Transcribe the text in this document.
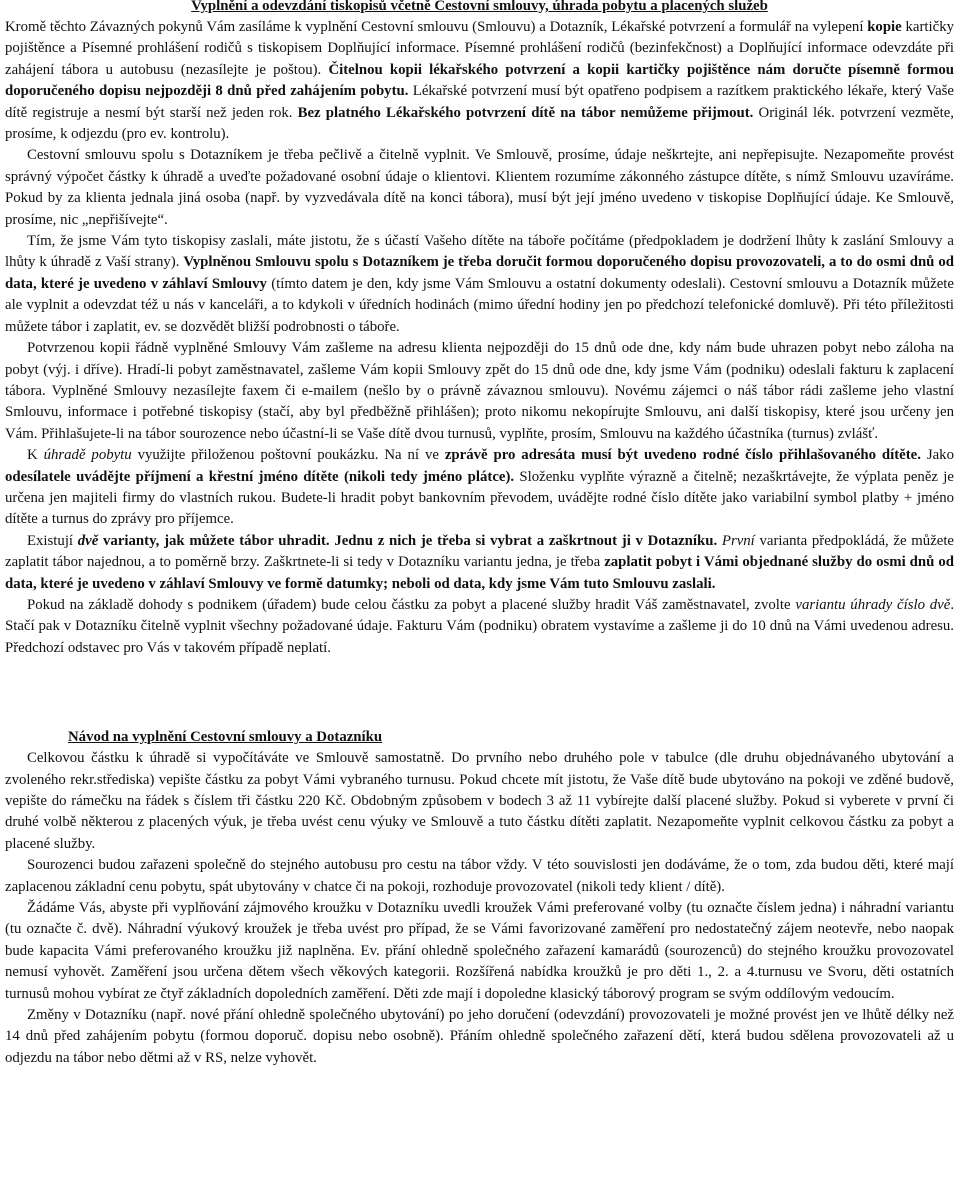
Vyplnění a odevzdání tiskopisů včetně Cestovní smlouvy, úhrada pobytu a placených služeb

Kromě těchto Závazných pokynů Vám zasíláme k vyplnění Cestovní smlouvu (Smlouvu) a Dotazník, Lékařské potvrzení a formulář na vylepení kopie kartičky pojištěnce a Písemné prohlášení rodičů s tiskopisem Doplňující informace. Písemné prohlášení rodičů (bezinfekčnost) a Doplňující informace odevzdáte při zahájení tábora u autobusu (nezasílejte je poštou). Čitelnou kopii lékařského potvrzení a kopii kartičky pojištěnce nám doručte písemně formou doporučeného dopisu nejpozději 8 dnů před zahájením pobytu. Lékařské potvrzení musí být opatřeno podpisem a razítkem praktického lékaře, který Vaše dítě registruje a nesmí být starší než jeden rok. Bez platného Lékařského potvrzení dítě na tábor nemůžeme přijmout. Originál lék. potvrzení vezměte, prosíme, k odjezdu (pro ev. kontrolu).

Cestovní smlouvu spolu s Dotazníkem je třeba pečlivě a čitelně vyplnit. Ve Smlouvě, prosíme, údaje neškrtejte, ani nepřepisujte. Nezapomeňte provést správný výpočet částky k úhradě a uveďte požadované osobní údaje o klientovi. Klientem rozumíme zákonného zástupce dítěte, s nímž Smlouvu uzavíráme. Pokud by za klienta jednala jiná osoba (např. by vyzvedávala dítě na konci tábora), musí být její jméno uvedeno v tiskopise Doplňující údaje. Ke Smlouvě, prosíme, nic „nepřišívejte“.

Tím, že jsme Vám tyto tiskopisy zaslali, máte jistotu, že s účastí Vašeho dítěte na táboře počítáme (předpokladem je dodržení lhůty k zaslání Smlouvy a lhůty k úhradě z Vaší strany). Vyplněnou Smlouvu spolu s Dotazníkem je třeba doručit formou doporučeného dopisu provozovateli, a to do osmi dnů od data, které je uvedeno v záhlaví Smlouvy (tímto datem je den, kdy jsme Vám Smlouvu a ostatní dokumenty odeslali). Cestovní smlouvu a Dotazník můžete ale vyplnit a odevzdat též u nás v kanceláři, a to kdykoli v úředních hodinách (mimo úřední hodiny jen po předchozí telefonické domluvě). Při této příležitosti můžete tábor i zaplatit, ev. se dozvědět bližší podrobnosti o táboře.

Potvrzenou kopii řádně vyplněné Smlouvy Vám zašleme na adresu klienta nejpozději do 15 dnů ode dne, kdy nám bude uhrazen pobyt nebo záloha na pobyt (výj. i dříve). Hradí-li pobyt zaměstnavatel, zašleme Vám kopii Smlouvy zpět do 15 dnů ode dne, kdy jsme Vám (podniku) odeslali fakturu k zaplacení tábora. Vyplněné Smlouvy nezasílejte faxem či e-mailem (nešlo by o právně závaznou smlouvu). Novému zájemci o náš tábor rádi zašleme jeho vlastní Smlouvu, informace i potřebné tiskopisy (stačí, aby byl předběžně přihlášen); proto nikomu nekopírujte Smlouvu, ani další tiskopisy, které jsou určeny jen Vám. Přihlašujete-li na tábor sourozence nebo účastní-li se Vaše dítě dvou turnusů, vyplňte, prosím, Smlouvu na každého účastníka (turnus) zvlášť.

K úhradě pobytu využijte přiloženou poštovní poukázku. Na ní ve zprávě pro adresáta musí být uvedeno rodné číslo přihlašovaného dítěte. Jako odesílatele uvádějte příjmení a křestní jméno dítěte (nikoli tedy jméno plátce). Složenku vyplňte výrazně a čitelně; nezaškrtávejte, že výplata peněz je určena jen majiteli firmy do vlastních rukou. Budete-li hradit pobyt bankovním převodem, uvádějte rodné číslo dítěte jako variabilní symbol platby + jméno dítěte a turnus do zprávy pro příjemce.

Existují dvě varianty, jak můžete tábor uhradit. Jednu z nich je třeba si vybrat a zaškrtnout ji v Dotazníku. První varianta předpokládá, že můžete zaplatit tábor najednou, a to poměrně brzy. Zaškrtnete-li si tedy v Dotazníku variantu jedna, je třeba zaplatit pobyt i Vámi objednané služby do osmi dnů od data, které je uvedeno v záhlaví Smlouvy ve formě datumky; neboli od data, kdy jsme Vám tuto Smlouvu zaslali.

Pokud na základě dohody s podnikem (úřadem) bude celou částku za pobyt a placené služby hradit Váš zaměstnavatel, zvolte variantu úhrady číslo dvě. Stačí pak v Dotazníku čitelně vyplnit všechny požadované údaje. Fakturu Vám (podniku) obratem vystavíme a zašleme ji do 10 dnů na Vámi uvedenou adresu. Předchozí odstavec pro Vás v takovém případě neplatí.

Návod na vyplnění Cestovní smlouvy a Dotazníku

Celkovou částku k úhradě si vypočítáváte ve Smlouvě samostatně. Do prvního nebo druhého pole v tabulce (dle druhu objednávaného ubytování a zvoleného rekr.střediska) vepište částku za pobyt Vámi vybraného turnusu. Pokud chcete mít jistotu, že Vaše dítě bude ubytováno na pokoji ve zděné budově, vepište do rámečku na řádek s číslem tři částku 220 Kč. Obdobným způsobem v bodech 3 až 11 vybírejte další placené služby. Pokud si vyberete v první či druhé volbě některou z placených výuk, je třeba uvést cenu výuky ve Smlouvě a tuto částku dítěti zaplatit. Nezapomeňte vyplnit celkovou částku za pobyt a placené služby.

Sourozenci budou zařazeni společně do stejného autobusu pro cestu na tábor vždy. V této souvislosti jen dodáváme, že o tom, zda budou děti, které mají zaplacenou základní cenu pobytu, spát ubytovány v chatce či na pokoji, rozhoduje provozovatel (nikoli tedy klient / dítě).

Žádáme Vás, abyste při vyplňování zájmového kroužku v Dotazníku uvedli kroužek Vámi preferované volby (tu označte číslem jedna) i náhradní variantu (tu označte č. dvě). Náhradní výukový kroužek je třeba uvést pro případ, že se Vámi favorizované zaměření pro nedostatečný zájem neotevře, nebo naopak bude kapacita Vámi preferovaného kroužku již naplněna. Ev. přání ohledně společného zařazení kamarádů (sourozenců) do stejného kroužku provozovatel nemusí vyhovět. Zaměření jsou určena dětem všech věkových kategorii. Rozšířená nabídka kroužků je pro děti 1., 2. a 4.turnusu ve Svoru, děti ostatních turnusů mohou vybírat ze čtyř základních dopoledních zaměření. Děti zde mají i dopoledne klasický táborový program se svým oddílovým vedoucím.

Změny v Dotazníku (např. nové přání ohledně společného ubytování) po jeho doručení (odevzdání) provozovateli je možné provést jen ve lhůtě délky než 14 dnů před zahájením pobytu (formou doporuč. dopisu nebo osobně). Přáním ohledně společného zařazení dětí, která budou sdělena provozovateli až u odjezdu na tábor nebo dětmi až v RS, nelze vyhovět.
